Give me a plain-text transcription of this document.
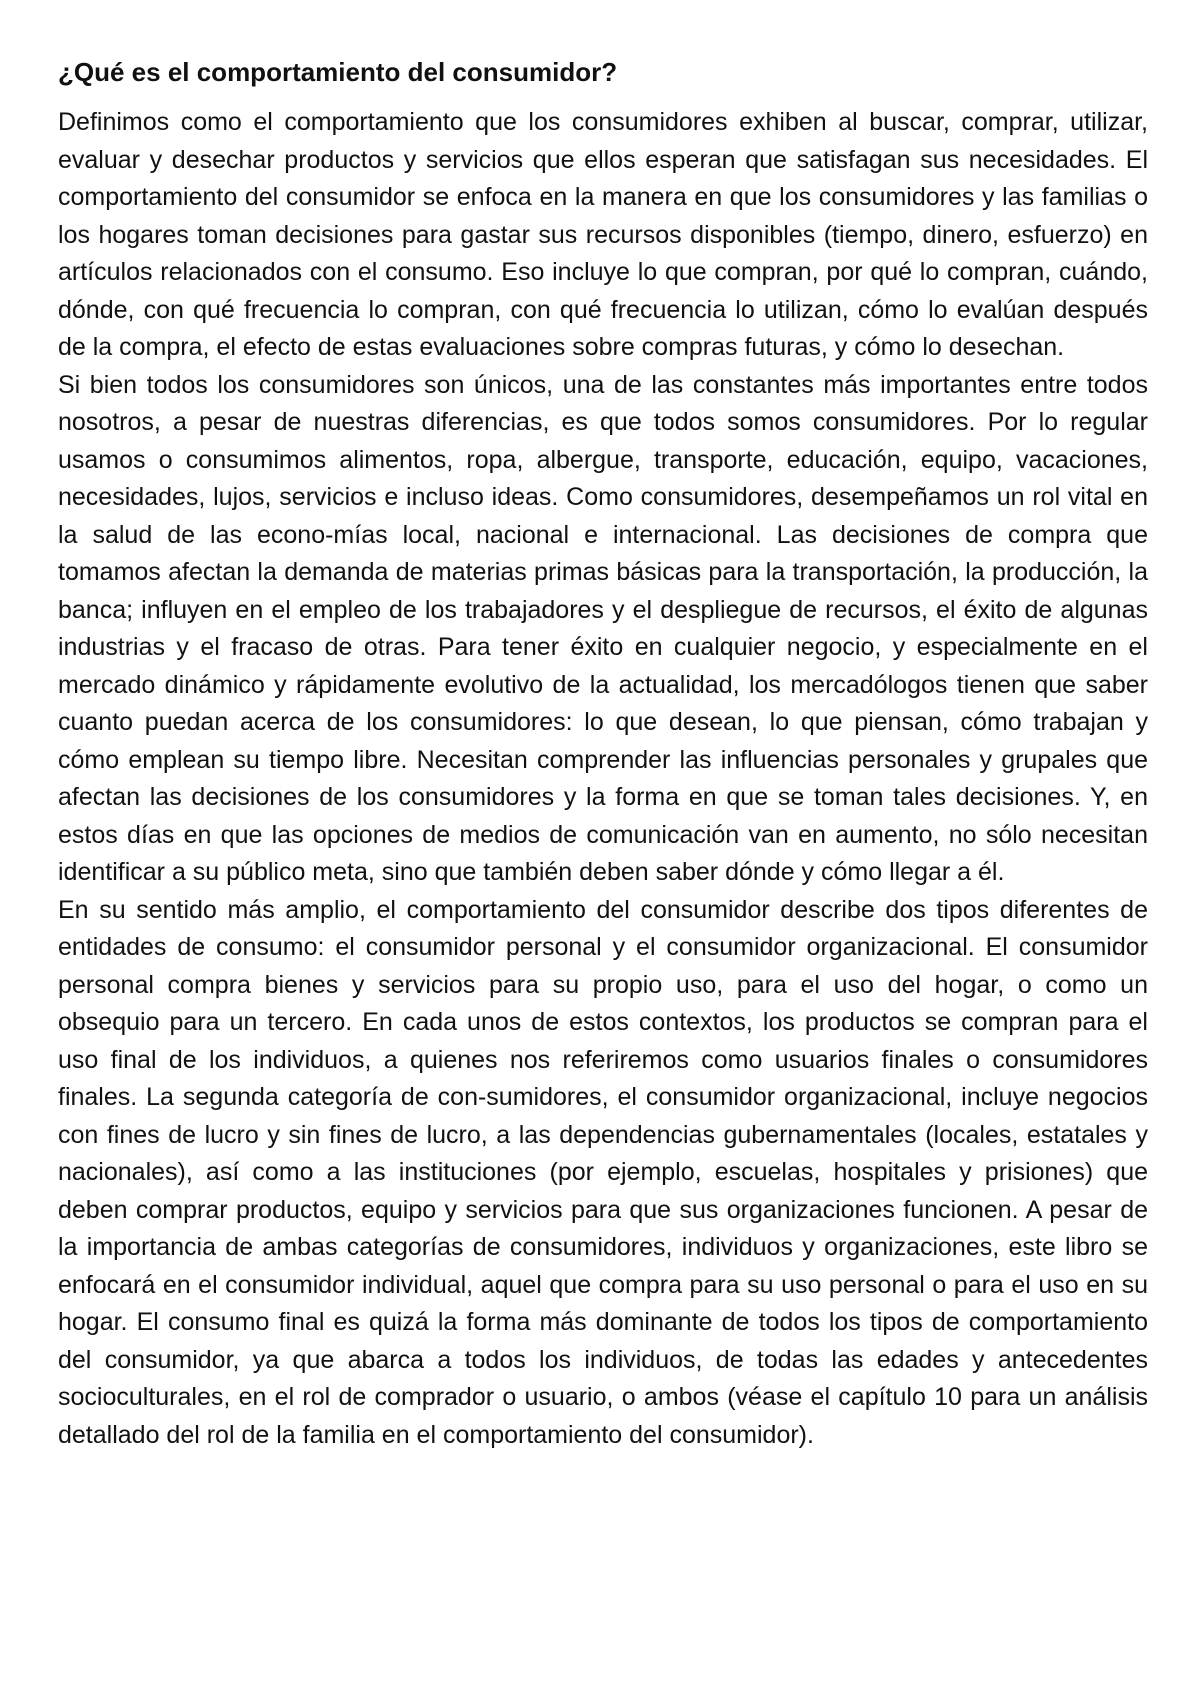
¿Qué es el comportamiento del consumidor?

Definimos como el comportamiento que los consumidores exhiben al buscar, comprar, utilizar, evaluar y desechar productos y servicios que ellos esperan que satisfagan sus necesidades. El comportamiento del consumidor se enfoca en la manera en que los consumidores y las familias o los hogares toman decisiones para gastar sus recursos disponibles (tiempo, dinero, esfuerzo) en artículos relacionados con el consumo. Eso incluye lo que compran, por qué lo compran, cuándo, dónde, con qué frecuencia lo compran, con qué frecuencia lo utilizan, cómo lo evalúan después de la compra, el efecto de estas evaluaciones sobre compras futuras, y cómo lo desechan.

Si bien todos los consumidores son únicos, una de las constantes más importantes entre todos nosotros, a pesar de nuestras diferencias, es que todos somos consumidores. Por lo regular usamos o consumimos alimentos, ropa, albergue, transporte, educación, equipo, vacaciones, necesidades, lujos, servicios e incluso ideas. Como consumidores, desempeñamos un rol vital en la salud de las econo-mías local, nacional e internacional. Las decisiones de compra que tomamos afectan la demanda de materias primas básicas para la transportación, la producción, la banca; influyen en el empleo de los trabajadores y el despliegue de recursos, el éxito de algunas industrias y el fracaso de otras. Para tener éxito en cualquier negocio, y especialmente en el mercado dinámico y rápidamente evolutivo de la actualidad, los mercadólogos tienen que saber cuanto puedan acerca de los consumidores: lo que desean, lo que piensan, cómo trabajan y cómo emplean su tiempo libre. Necesitan comprender las influencias personales y grupales que afectan las decisiones de los consumidores y la forma en que se toman tales decisiones. Y, en estos días en que las opciones de medios de comunicación van en aumento, no sólo necesitan identificar a su público meta, sino que también deben saber dónde y cómo llegar a él.

En su sentido más amplio, el comportamiento del consumidor describe dos tipos diferentes de entidades de consumo: el consumidor personal y el consumidor organizacional. El consumidor personal compra bienes y servicios para su propio uso, para el uso del hogar, o como un obsequio para un tercero. En cada unos de estos contextos, los productos se compran para el uso final de los individuos, a quienes nos referiremos como usuarios finales o consumidores finales. La segunda categoría de con-sumidores, el consumidor organizacional, incluye negocios con fines de lucro y sin fines de lucro, a las dependencias gubernamentales (locales, estatales y nacionales), así como a las instituciones (por ejemplo, escuelas, hospitales y prisiones) que deben comprar productos, equipo y servicios para que sus organizaciones funcionen. A pesar de la importancia de ambas categorías de consumidores, individuos y organizaciones, este libro se enfocará en el consumidor individual, aquel que compra para su uso personal o para el uso en su hogar. El consumo final es quizá la forma más dominante de todos los tipos de comportamiento del consumidor, ya que abarca a todos los individuos, de todas las edades y antecedentes socioculturales, en el rol de comprador o usuario, o ambos (véase el capítulo 10 para un análisis detallado del rol de la familia en el comportamiento del consumidor).
